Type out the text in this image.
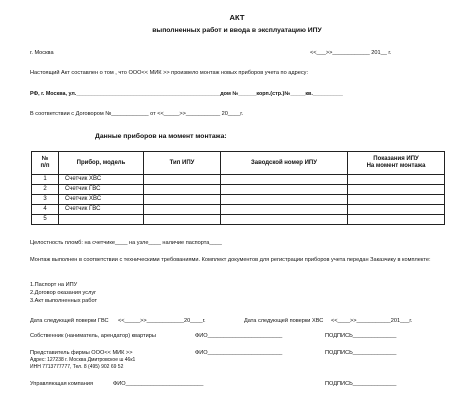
АКТ
выполненных работ и ввода в эксплуатацию ИПУ
г. Москва	<<___>>____________ 201__ г.
Настоящий Акт составлен о том , что ООО<< МИК >> произвело монтаж новых приборов учета по адресу:
РФ, г. Москва, ул.________________________________________________дом №______корп.(стр.)№_____кв.__________
В соответствии с Договором №____________ от <<_____>>___________ 20____г.
Данные приборов на момент монтажа:
№
п/п	Прибор, модель	Тип ИПУ	Заводской номер ИПУ	Показания ИПУ
На момент монтажа
1	Счетчик ХВС			
2	Счетчик ГВС			
3	Счетчик ХВС			
4	Счетчик ГВС			
5				
Целостность пломб: на счетчике____ на узле____ наличие паспорта____
Монтаж выполнен в соответствии с техническими требованиями. Комплект документов для регистрации приборов учета передан Заказчику в комплекте:
1.Паспорт на ИПУ
2.Договор оказания услуг
3.Акт выполненных работ
Дата следующей поверки ГВС <<_____>>____________20____г.	Дата следующей поверки ХВС <<____>>___________201___г.
Собственник (наниматель, арендатор) квартиры	ФИО________________________	ПОДПИСЬ______________
Представитель фирмы ООО<< МИК >>	ФИО________________________	ПОДПИСЬ______________
Адрес: 127238 г. Москва Дмитровское ш 46к1
ИНН 7713777777, Тел. 8 (495) 902 69 52
Управляющая компания	ФИО_________________________	ПОДПИСЬ______________
